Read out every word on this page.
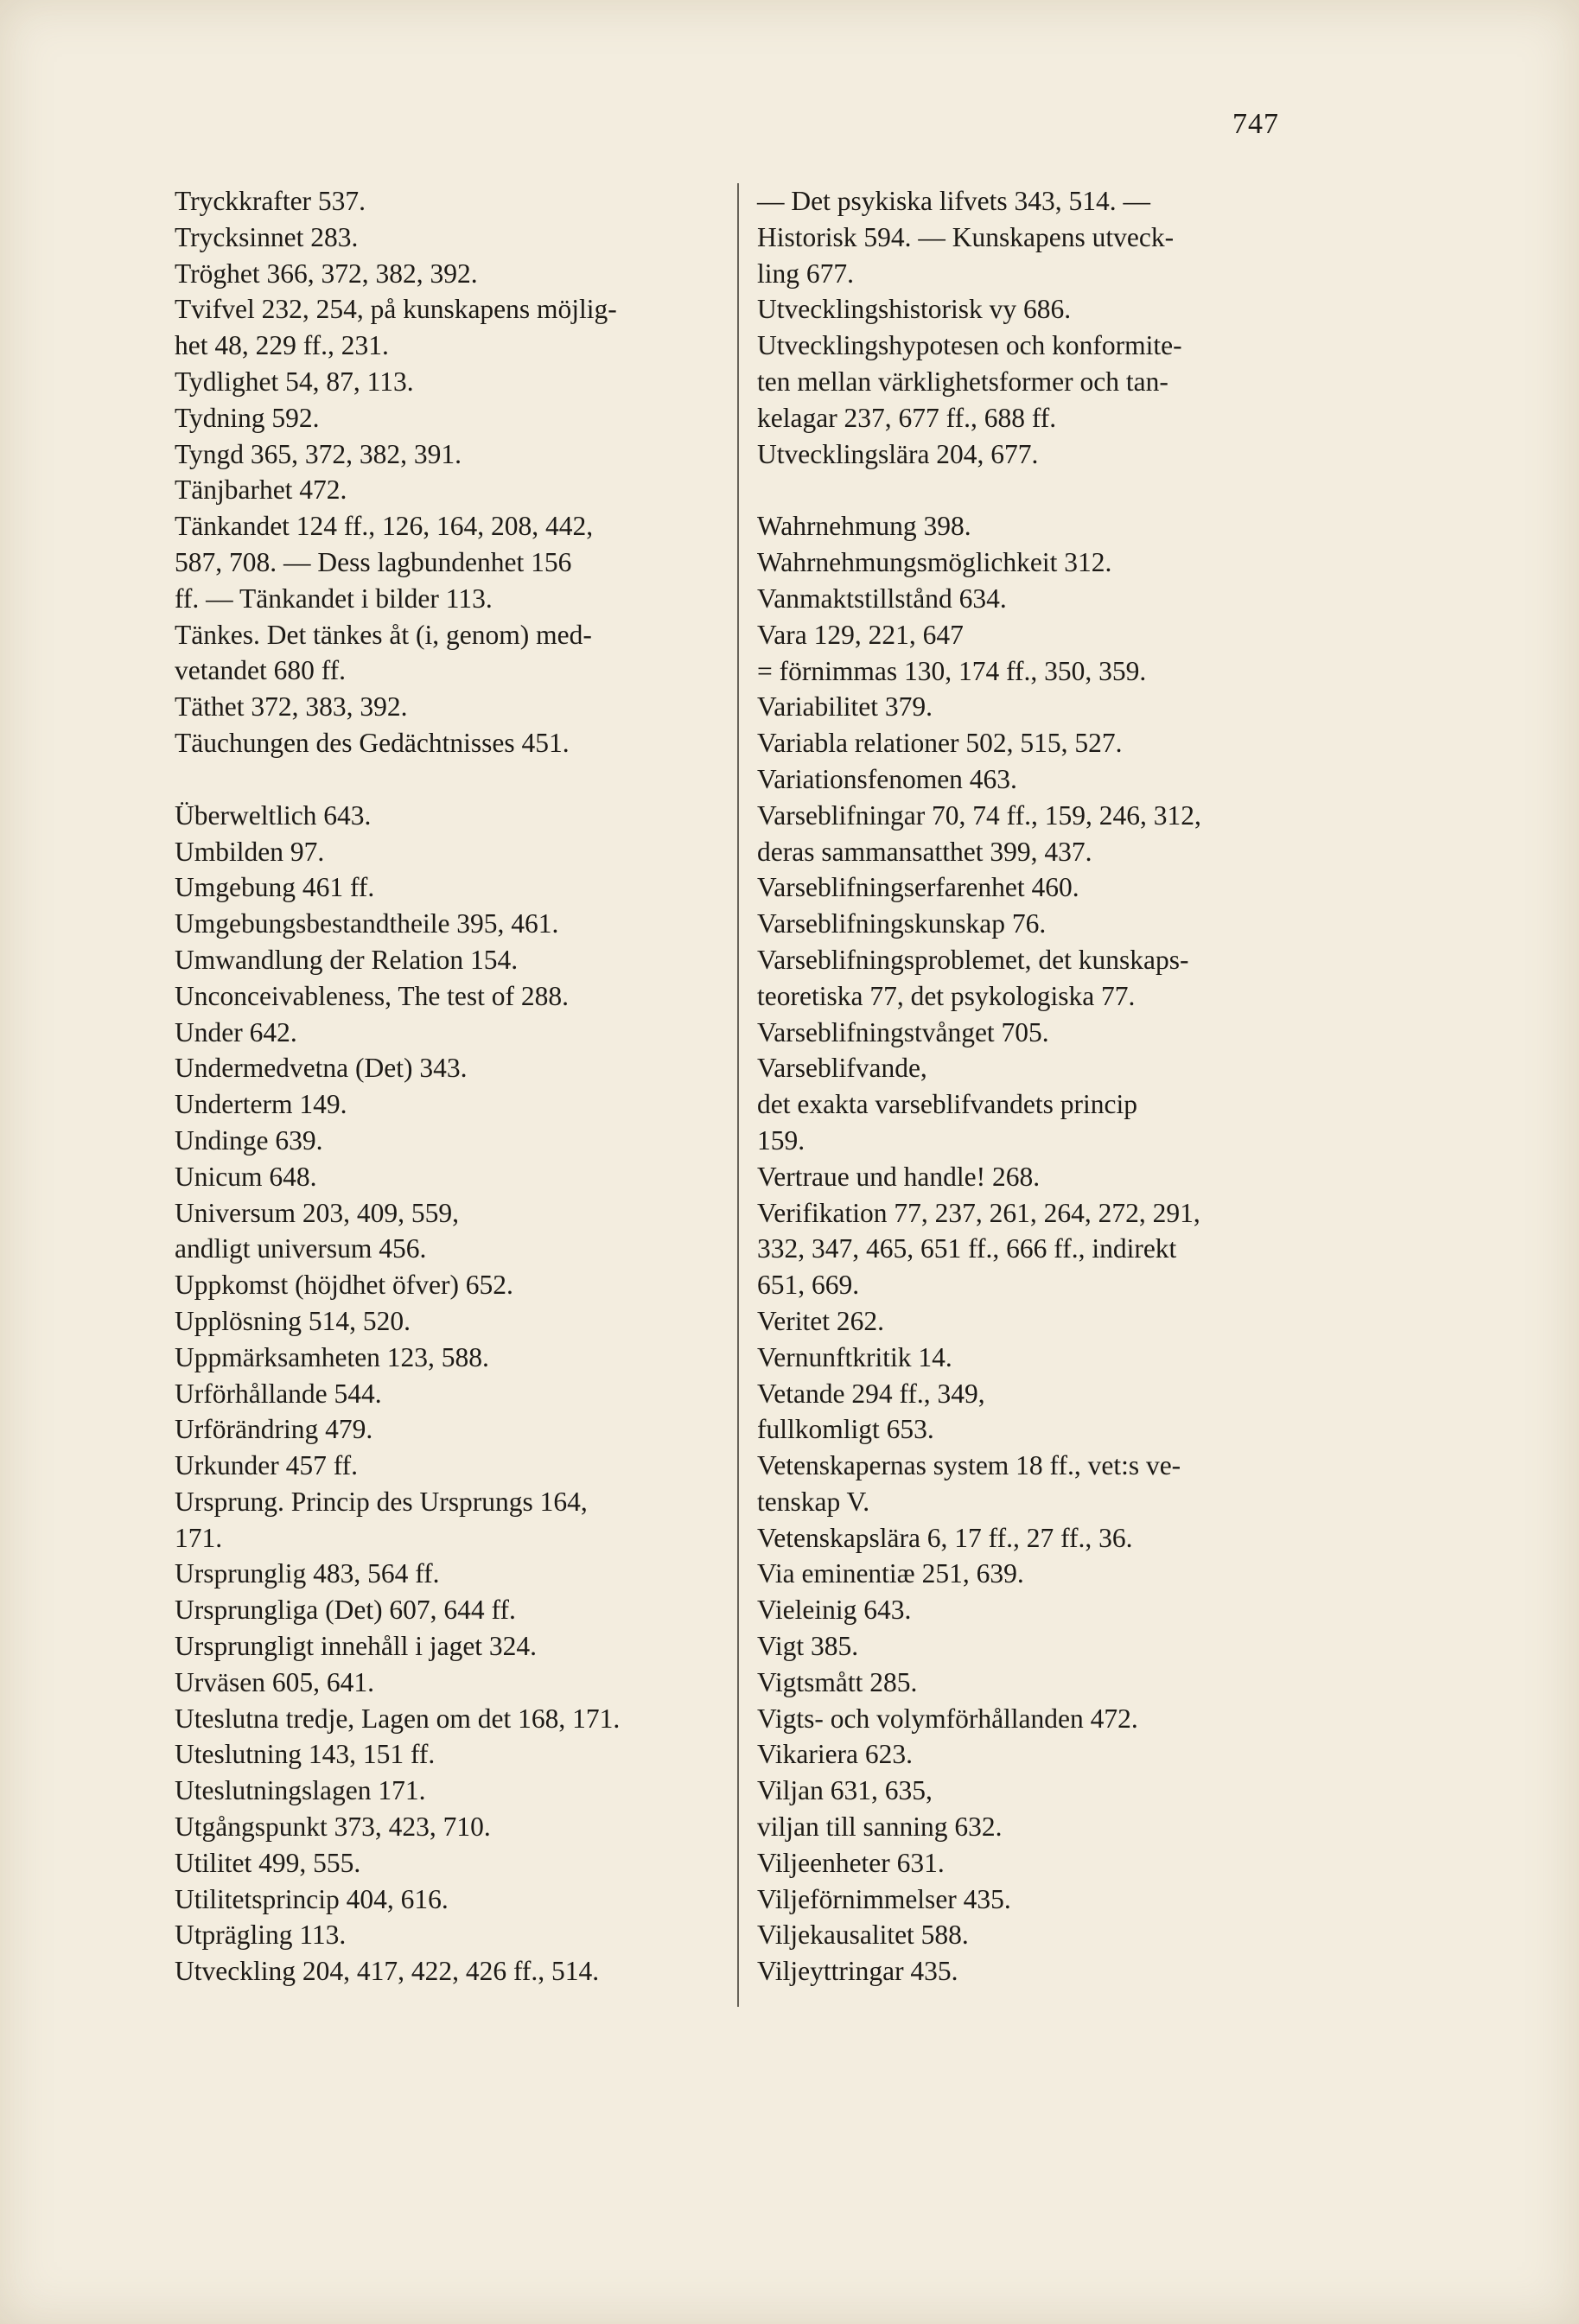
747
Tryckkrafter 537.
Trycksinnet 283.
Tröghet 366, 372, 382, 392.
Tvifvel 232, 254, på kunskapens möjlig-
het 48, 229 ff., 231.
Tydlighet 54, 87, 113.
Tydning 592.
Tyngd 365, 372, 382, 391.
Tänjbarhet 472.
Tänkandet 124 ff., 126, 164, 208, 442,
587, 708. — Dess lagbundenhet 156
ff. — Tänkandet i bilder 113.
Tänkes. Det tänkes åt (i, genom) med-
vetandet 680 ff.
Täthet 372, 383, 392.
Täuchungen des Gedächtnisses 451.
Überweltlich 643.
Umbilden 97.
Umgebung 461 ff.
Umgebungsbestandtheile 395, 461.
Umwandlung der Relation 154.
Unconceivableness, The test of 288.
Under 642.
Undermedvetna (Det) 343.
Underterm 149.
Undinge 639.
Unicum 648.
Universum 203, 409, 559,
andligt universum 456.
Uppkomst (höjdhet öfver) 652.
Upplösning 514, 520.
Uppmärksamheten 123, 588.
Urförhållande 544.
Urförändring 479.
Urkunder 457 ff.
Ursprung. Princip des Ursprungs 164,
171.
Ursprunglig 483, 564 ff.
Ursprungliga (Det) 607, 644 ff.
Ursprungligt innehåll i jaget 324.
Urväsen 605, 641.
Uteslutna tredje, Lagen om det 168, 171.
Uteslutning 143, 151 ff.
Uteslutningslagen 171.
Utgångspunkt 373, 423, 710.
Utilitet 499, 555.
Utilitetsprincip 404, 616.
Utprägling 113.
Utveckling 204, 417, 422, 426 ff., 514.
— Det psykiska lifvets 343, 514. —
Historisk 594. — Kunskapens utveck-
ling 677.
Utvecklingshistorisk vy 686.
Utvecklingshypotesen och konformite-
ten mellan värklighetsformer och tan-
kelagar 237, 677 ff., 688 ff.
Utvecklingslära 204, 677.
Wahrnehmung 398.
Wahrnehmungsmöglichkeit 312.
Vanmaktstillstånd 634.
Vara 129, 221, 647
= förnimmas 130, 174 ff., 350, 359.
Variabilitet 379.
Variabla relationer 502, 515, 527.
Variationsfenomen 463.
Varseblifningar 70, 74 ff., 159, 246, 312,
deras sammansatthet 399, 437.
Varseblifningserfarenhet 460.
Varseblifningskunskap 76.
Varseblifningsproblemet, det kunskaps-
teoretiska 77, det psykologiska 77.
Varseblifningstvånget 705.
Varseblifvande,
det exakta varseblifvandets princip
159.
Vertraue und handle! 268.
Verifikation 77, 237, 261, 264, 272, 291,
332, 347, 465, 651 ff., 666 ff., indirekt
651, 669.
Veritet 262.
Vernunftkritik 14.
Vetande 294 ff., 349,
fullkomligt 653.
Vetenskapernas system 18 ff., vet:s ve-
tenskap V.
Vetenskapslära 6, 17 ff., 27 ff., 36.
Via eminentiæ 251, 639.
Vieleinig 643.
Vigt 385.
Vigtsmått 285.
Vigts- och volymförhållanden 472.
Vikariera 623.
Viljan 631, 635,
viljan till sanning 632.
Viljeenheter 631.
Viljeförnimmelser 435.
Viljekausalitet 588.
Viljeyttringar 435.
